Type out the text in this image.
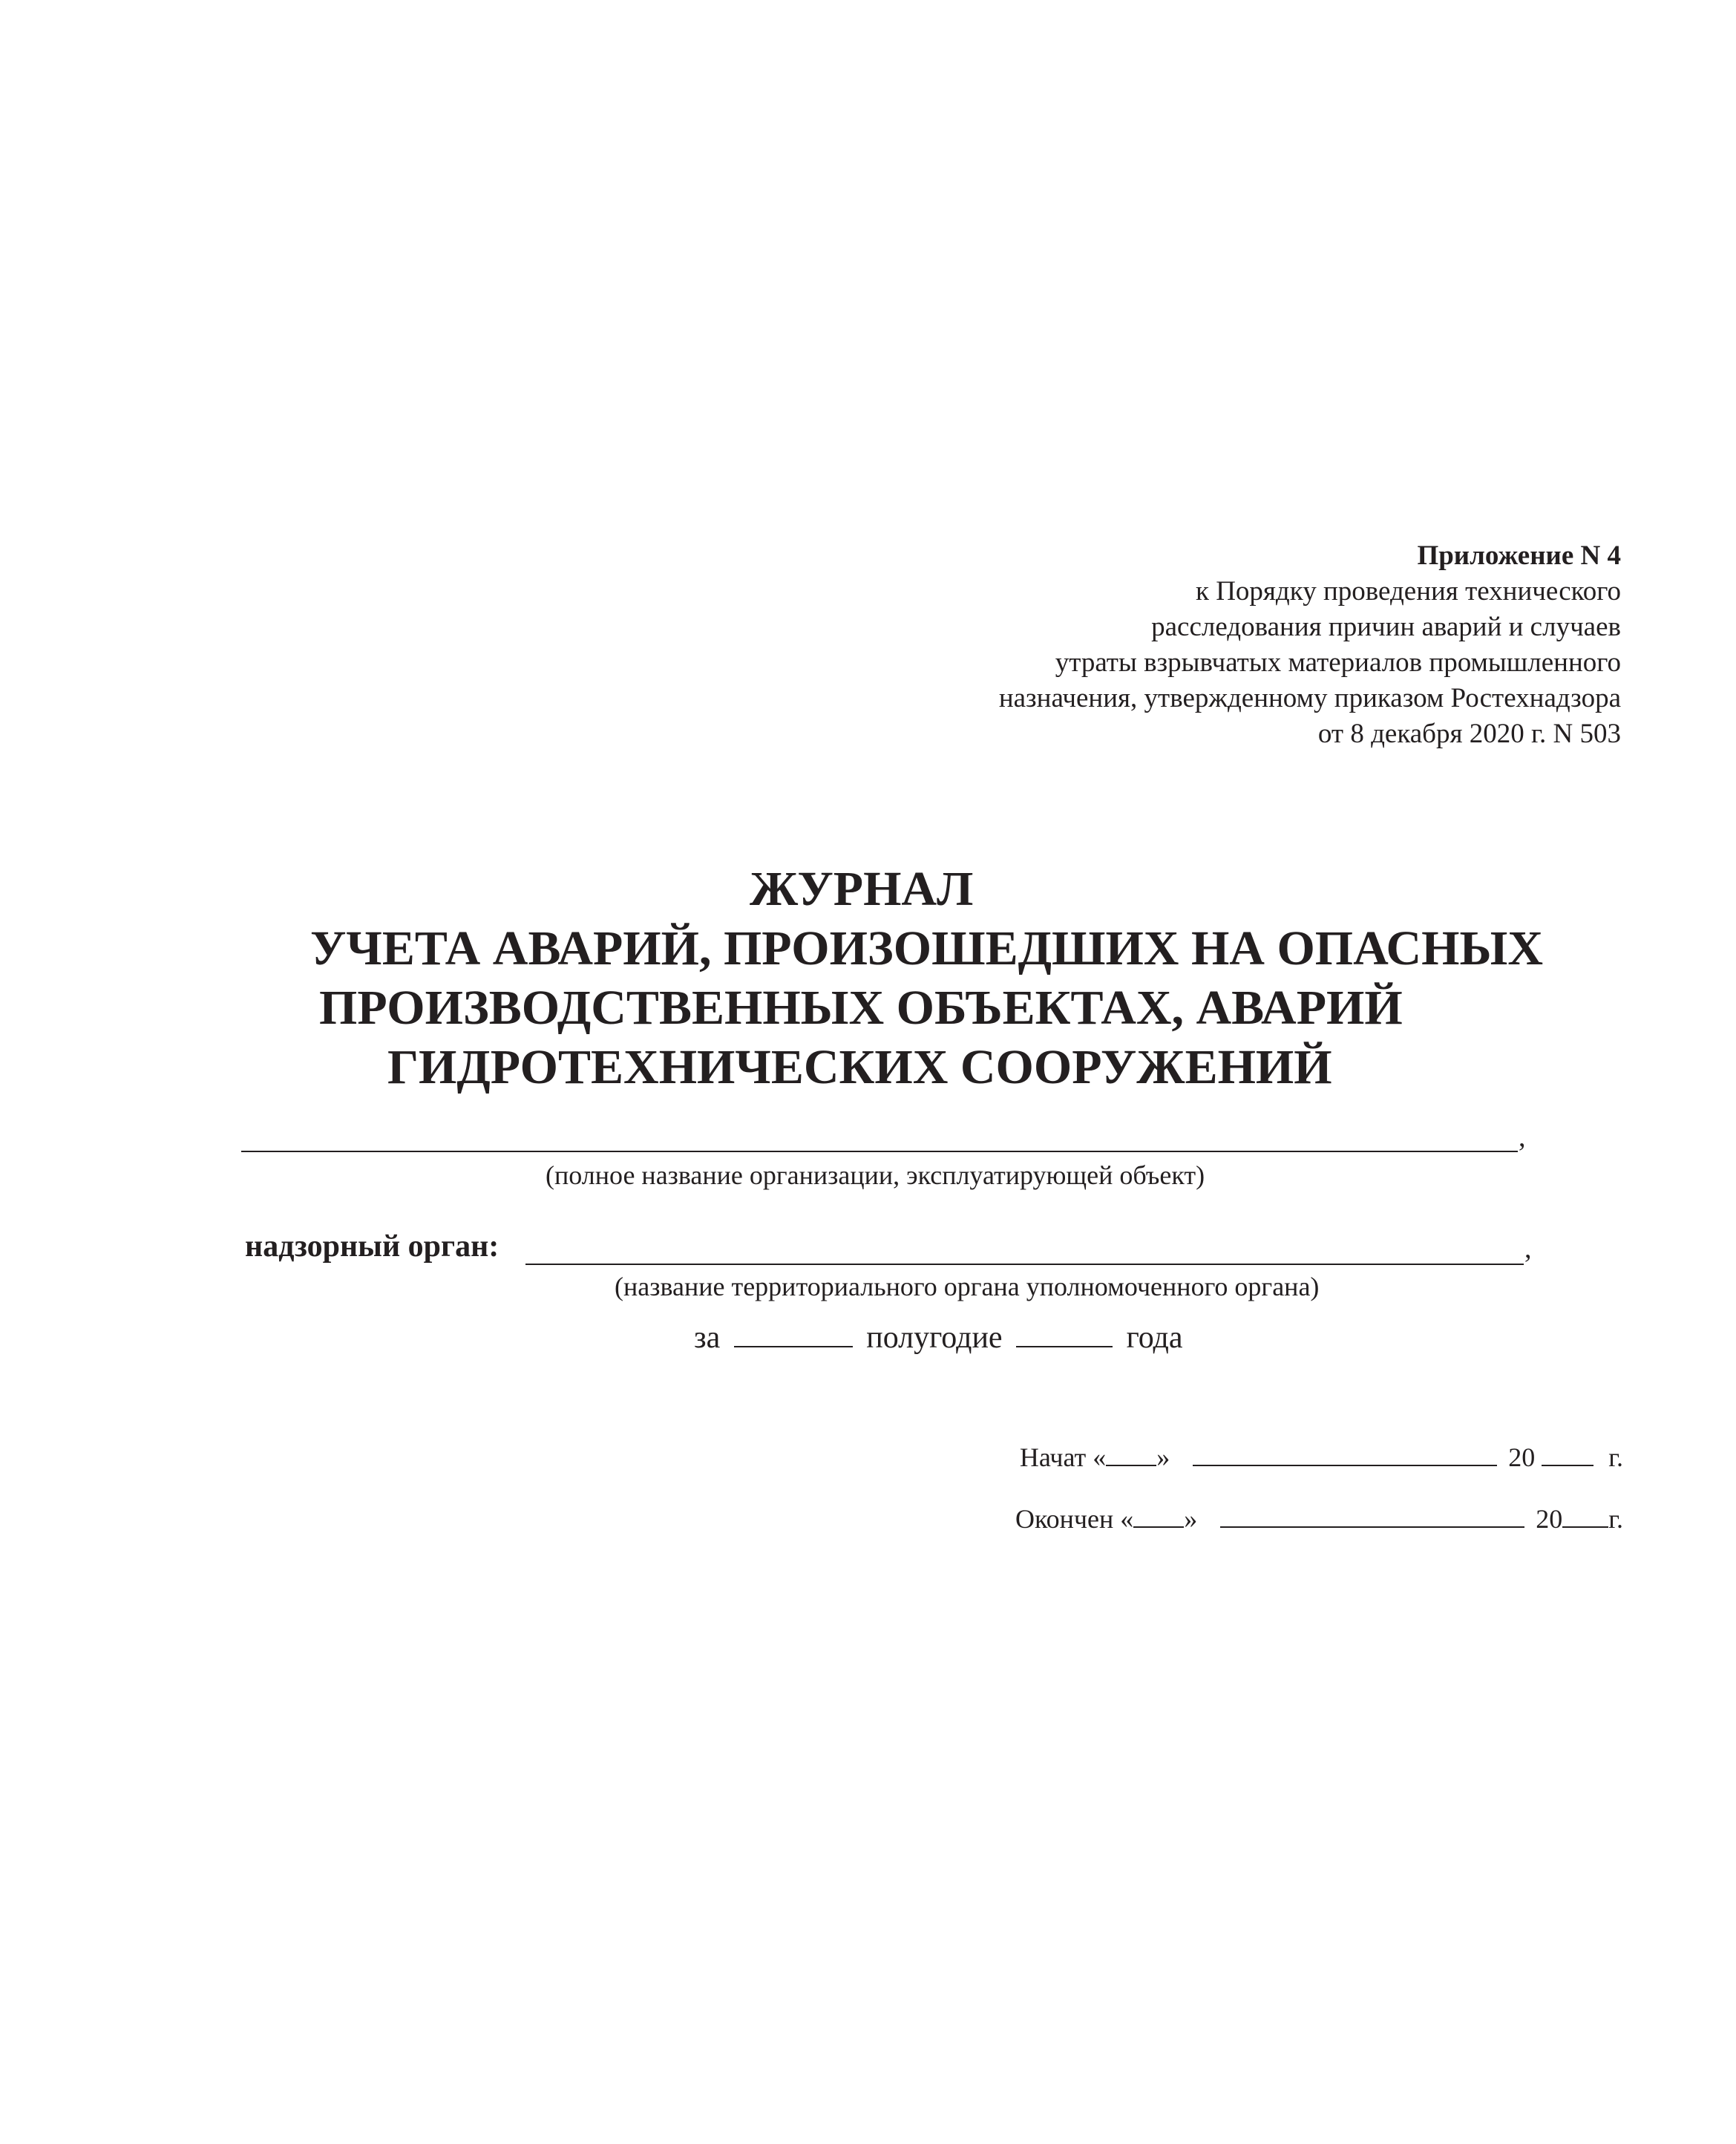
Приложение N 4
к Порядку проведения технического
расследования причин аварий и случаев
утраты взрывчатых материалов промышленного
назначения, утвержденному приказом Ростехнадзора
от 8 декабря 2020 г. N 503
ЖУРНАЛ
УЧЕТА АВАРИЙ, ПРОИЗОШЕДШИХ НА ОПАСНЫХ
ПРОИЗВОДСТВЕННЫХ ОБЪЕКТАХ, АВАРИЙ
ГИДРОТЕХНИЧЕСКИХ СООРУЖЕНИЙ
,
(полное название организации, эксплуатирующей объект)
надзорный орган:	,
(название территориального органа уполномоченного органа)
за	полугодие	года
Начат « »	20	г.
Окончен « »	20 г.
